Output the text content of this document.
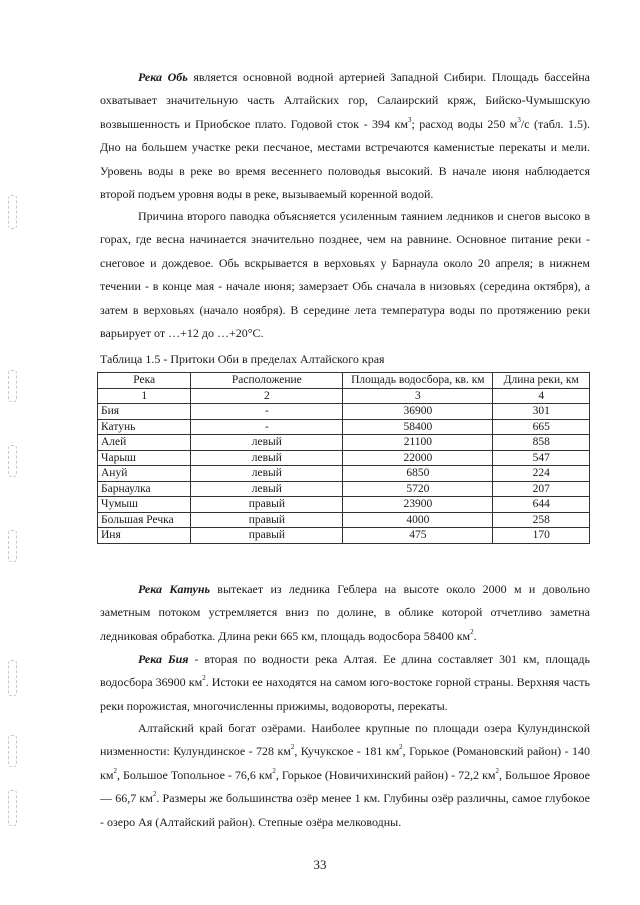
Река Обь является основной водной артерией Западной Сибири. Площадь бассейна охватывает значительную часть Алтайских гор, Салаирский кряж, Бийско-Чумышскую возвышенность и Приобское плато. Годовой сток - 394 $км^3$; расход воды 250 $м^3/с$ (табл. 1.5). Дно на большем участке реки песчаное, местами встречаются каменистые перекаты и мели. Уровень воды в реке во время весеннего половодья высокий. В начале июня наблюдается второй подъем уровня воды в реке, вызываемый коренной водой.

Причина второго паводка объясняется усиленным таянием ледников и снегов высоко в горах, где весна начинается значительно позднее, чем на равнине. Основное питание реки - снеговое и дождевое. Обь вскрывается в верховьях у Барнаула около 20 апреля; в нижнем течении - в конце мая - начале июня; замерзает Обь сначала в низовьях (середина октября), а затем в верховьях (начало ноября). В середине лета температура воды по протяжению реки варьирует от …+12 до …+20°С.

Таблица 1.5 - Притоки Оби в пределах Алтайского края

Река	Расположение	Площадь водосбора, кв. км	Длина реки, км
1	2	3	4
Бия	-	36900	301
Катунь	-	58400	665
Алей	левый	21100	858
Чарыш	левый	22000	547
Ануй	левый	6850	224
Барнаулка	левый	5720	207
Чумыш	правый	23900	644
Большая Речка	правый	4000	258
Иня	правый	475	170

Река Катунь вытекает из ледника Геблера на высоте около 2000 м и довольно заметным потоком устремляется вниз по долине, в облике которой отчетливо заметна ледниковая обработка. Длина реки 665 км, площадь водосбора 58400 $км^2$.

Река Бия - вторая по водности река Алтая. Ее длина составляет 301 км, площадь водосбора 36900 $км^2$. Истоки ее находятся на самом юго-востоке горной страны. Верхняя часть реки порожистая, многочисленны прижимы, водовороты, перекаты.

Алтайский край богат озёрами. Наиболее крупные по площади озера Кулундинской низменности: Кулундинское - 728 $км^2$, Кучукское - 181 $км^2$, Горькое (Романовский район) - 140 $км^2$, Большое Топольное - 76,6 $км^2$, Горькое (Новичихинский район) - 72,2 $км^2$, Большое Яровое — 66,7 $км^2$. Размеры же большинства озёр менее 1 км. Глубины озёр различны, самое глубокое - озеро Ая (Алтайский район). Степные озёра мелководны.

33
